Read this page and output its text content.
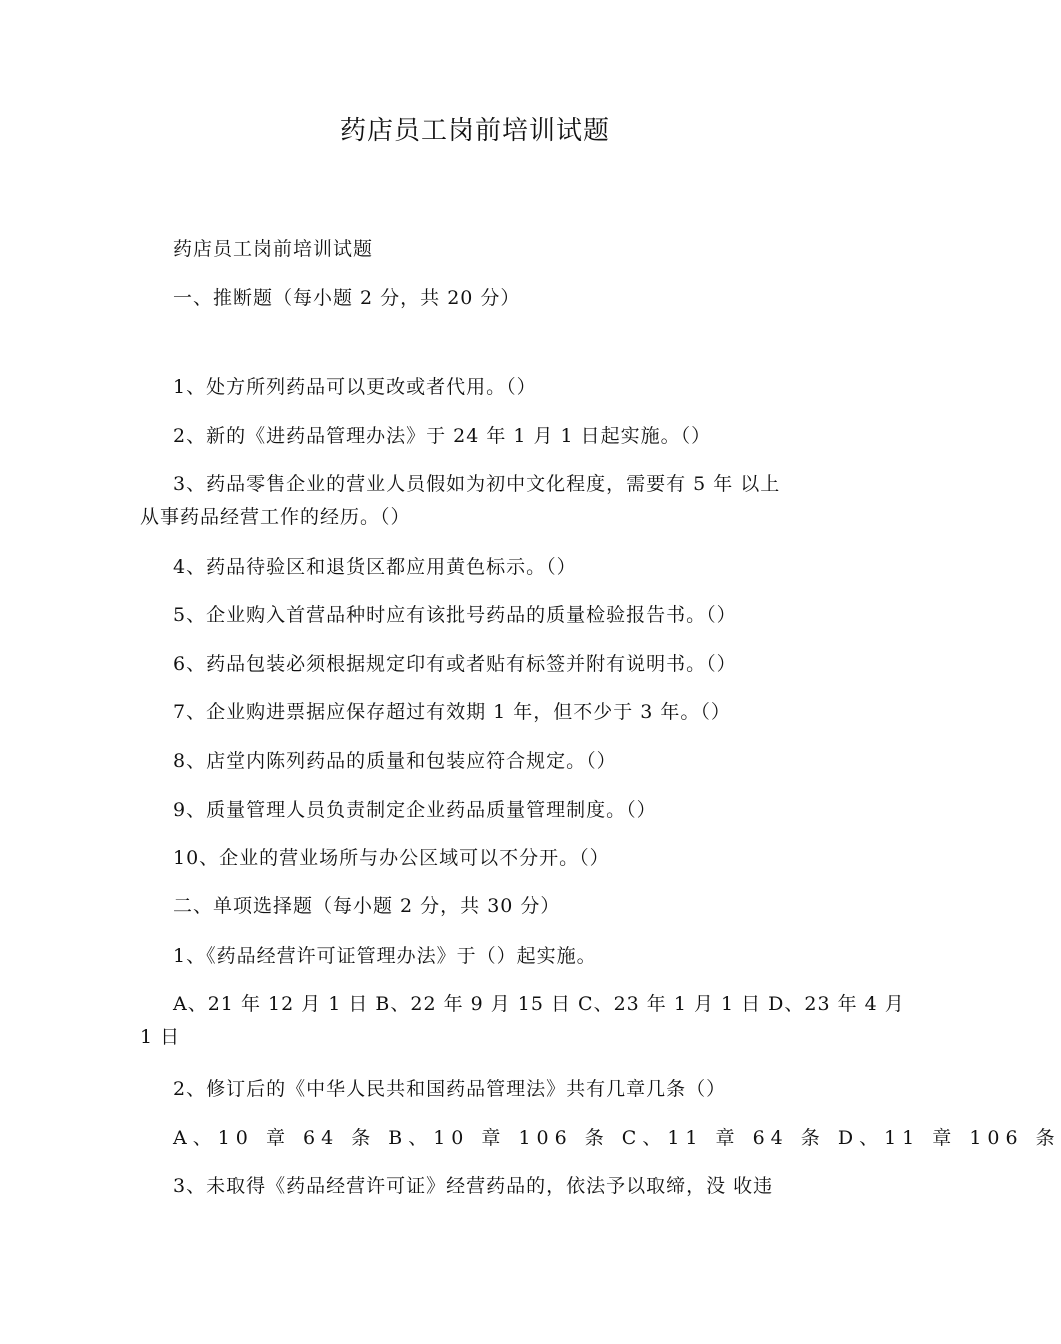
药店员工岗前培训试题
药店员工岗前培训试题
一、推断题（每小题 2 分，共 20 分）
1、处方所列药品可以更改或者代用。（）
2、新的《进药品管理办法》于 24 年 1 月 1 日起实施。（）
3、药品零售企业的营业人员假如为初中文化程度，需要有 5 年 以上
从事药品经营工作的经历。（）
4、药品待验区和退货区都应用黄色标示。（）
5、企业购入首营品种时应有该批号药品的质量检验报告书。（）
6、药品包装必须根据规定印有或者贴有标签并附有说明书。（）
7、企业购进票据应保存超过有效期 1 年，但不少于 3 年。（）
8、店堂内陈列药品的质量和包装应符合规定。（）
9、质量管理人员负责制定企业药品质量管理制度。（）
10、企业的营业场所与办公区域可以不分开。（）
二、单项选择题（每小题 2 分，共 30 分）
1、《药品经营许可证管理办法》于（）起实施。
A、21 年 12 月 1 日 B、22 年 9 月 15 日 C、23 年 1 月 1 日 D、23 年 4 月
1 日
2、修订后的《中华人民共和国药品管理法》共有几章几条（）
A、10 章 64 条 B、10 章 106 条 C、11 章 64 条 D、11 章 106 条
3、未取得《药品经营许可证》经营药品的，依法予以取缔，没 收违
